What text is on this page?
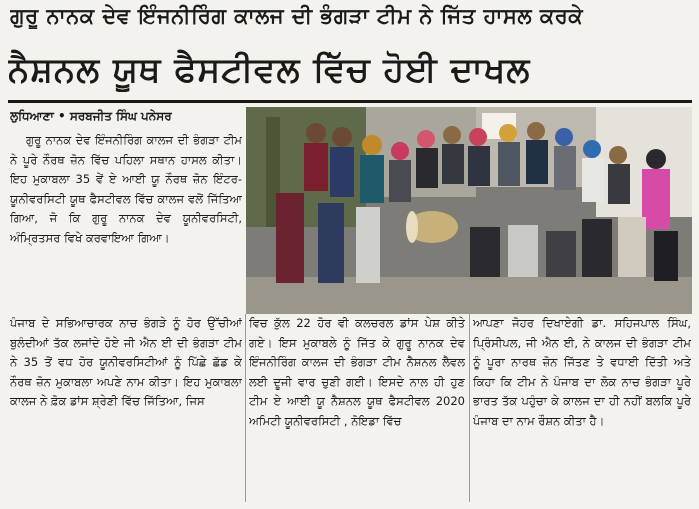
ਗੁਰੂ ਨਾਨਕ ਦੇਵ ਇੰਜਨੀਰਿੰਗ ਕਾਲਜ ਦੀ ਭੰਗੜਾ ਟੀਮ ਨੇ ਜਿੱਤ ਹਾਸਲ ਕਰਕੇ
ਨੈਸ਼ਨਲ ਯੂਥ ਫੈਸਟੀਵਲ ਵਿੱਚ ਹੋਈ ਦਾਖਲ
ਲੁਧਿਆਣਾ • ਸਰਬਜੀਤ ਸਿੰਘ ਪਨੇਸਰ
ਗੁਰੂ ਨਾਨਕ ਦੇਵ ਇੰਜਨੀਰਿੰਗ ਕਾਲਜ ਦੀ ਭੰਗੜਾ ਟੀਮ ਨੇ ਪੂਰੇ ਨੌਰਥ ਜ਼ੋਨ ਵਿੱਚ ਪਹਿਲਾ ਸਥਾਨ ਹਾਸਲ ਕੀਤਾ। ਇਹ ਮੁਕਾਬਲਾ 35 ਵੇਂ ਏ ਆਈ ਯੂ ਨੌਰਥ ਜ਼ੋਨ ਇੰਟਰ-ਯੂਨੀਵਰਸਿਟੀ ਯੂਥ ਫੈਸਟੀਵਲ ਵਿੱਚ ਕਾਲਜ ਵਲੋਂ ਜਿੱਤਿਆ ਗਿਆ, ਜੋ ਕਿ ਗੁਰੂ ਨਾਨਕ ਦੇਵ ਯੂਨੀਵਰਸਿਟੀ, ਅੰਮ੍ਰਿਤਸਰ ਵਿਖੇ ਕਰਵਾਇਆ ਗਿਆ।
ਪੰਜਾਬ ਦੇ ਸਭਿਆਚਾਰਕ ਨਾਚ ਭੰਗੜੇ ਨੂੰ ਹੋਰ ਉੱਚੀਆਂ ਬੁਲੰਦੀਆਂ ਤੱਕ ਲਜਾਂਦੇ ਹੋਏ ਜੀ ਐਨ ਈ ਦੀ ਭੰਗੜਾ ਟੀਮ ਨੇ 35 ਤੋਂ ਵਧ ਹੋਰ ਯੂਨੀਵਰਸਿਟੀਆਂ ਨੂੰ ਪਿੱਛੇ ਛੱਡ ਕੇ ਨੌਰਥ ਜ਼ੋਨ ਮੁਕਾਬਲਾ ਅਪਣੇ ਨਾਮ ਕੀਤਾ। ਇਹ ਮੁਕਾਬਲਾ ਕਾਲਜ ਨੇ ਫ਼ੋਕ ਡਾਂਸ ਸ਼੍ਰੇਣੀ ਵਿੱਚ ਜਿੱਤਿਆ, ਜਿਸ
ਵਿਚ ਕੁੱਲ 22 ਹੋਰ ਵੀ ਕਲਚਰਲ ਡਾਂਸ ਪੇਸ਼ ਕੀਤੇ ਗਏ। ਇਸ ਮੁਕਾਬਲੇ ਨੂੰ ਜਿੱਤ ਕੇ ਗੁਰੂ ਨਾਨਕ ਦੇਵ ਇੰਜਨੀਰਿੰਗ ਕਾਲਜ ਦੀ ਭੰਗੜਾ ਟੀਮ ਨੈਸ਼ਨਲ ਲੈਵਲ ਲਈ ਦੂਜੀ ਵਾਰ ਚੁਣੀ ਗਈ। ਇਸਦੇ ਨਾਲ ਹੀ ਹੁਣ ਟੀਮ ਏ ਆਈ ਯੂ ਨੈਸ਼ਨਲ ਯੂਥ ਫੈਸਟੀਵਲ 2020 ਅਮਿਟੀ ਯੂਨੀਵਰਸਿਟੀ , ਨੋਇਡਾ ਵਿੱਚ
ਆਪਣਾ ਜੋਹਰ ਦਿਖਾਏਗੀ ਡਾ. ਸਹਿਜਪਾਲ ਸਿੰਘ, ਪ੍ਰਿੰਸੀਪਲ, ਜੀ ਐਨ ਈ, ਨੇ ਕਾਲਜ ਦੀ ਭੰਗੜਾ ਟੀਮ ਨੂੰ ਪੂਰਾ ਨਾਰਥ ਜ਼ੋਨ ਜਿੱਤਣ ਤੇ ਵਧਾਈ ਦਿੱਤੀ ਅਤੇ ਕਿਹਾ ਕਿ ਟੀਮ ਨੇ ਪੰਜਾਬ ਦਾ ਲੋਕ ਨਾਚ ਭੰਗੜਾ ਪੂਰੇ ਭਾਰਤ ਤੱਕ ਪਹੁੰਚਾ ਕੇ ਕਾਲਜ ਦਾ ਹੀ ਨਹੀਂ ਬਲਕਿ ਪੂਰੇ ਪੰਜਾਬ ਦਾ ਨਾਮ ਰੌਸ਼ਨ ਕੀਤਾ ਹੈ।
